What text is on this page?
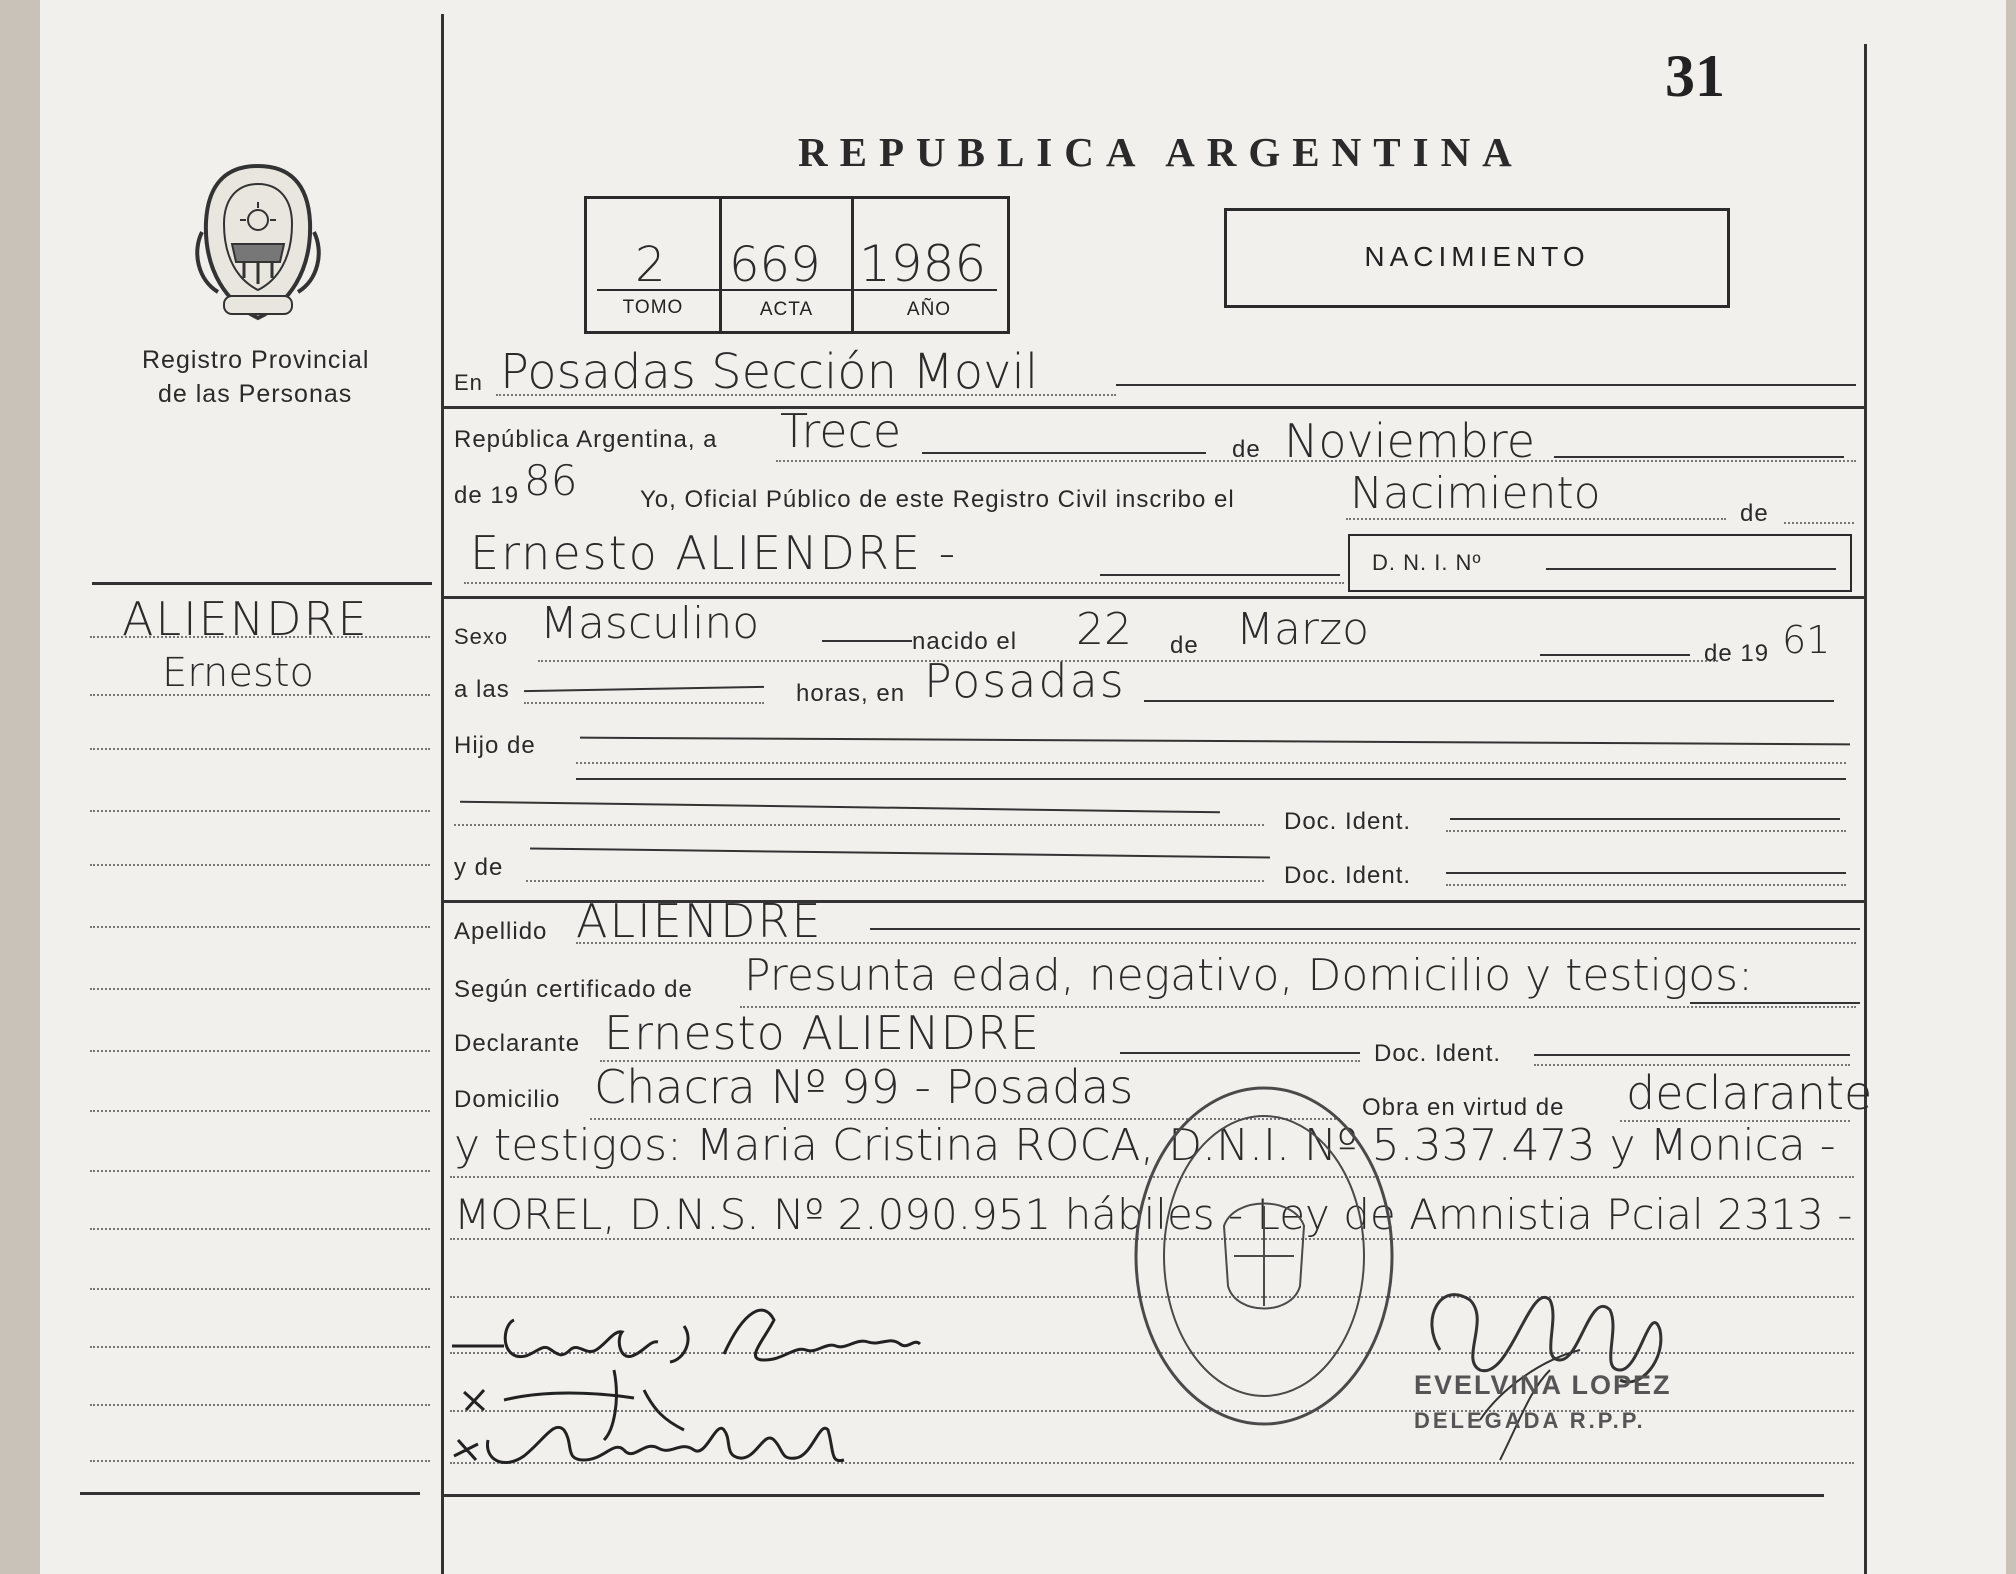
31
REPUBLICA ARGENTINA
Registro Provincial
de las Personas
ALIENDRE
Ernesto
2 669 1986
TOMO	ACTA	AÑO
NACIMIENTO
En Posadas Sección Movil
República Argentina, a Trece	de Noviembre
de 19 86	Yo, Oficial Público de este Registro Civil inscribo el	Nacimiento	de
Ernesto ALIENDRE -	D. N. I. Nº
Sexo Masculino	nacido el 22 de Marzo	de 19 61
a las	horas, en Posadas
Hijo de
Doc. Ident.
y de	Doc. Ident.
Apellido ALIENDRE
Según certificado de Presunta edad, negativo, Domicilio y testigos:
Declarante Ernesto ALIENDRE	Doc. Ident.
Domicilio Chacra Nº 99 - Posadas	Obra en virtud de declarante
y testigos: Maria Cristina ROCA, D.N.I. Nº 5.337.473 y Monica -
MOREL, D.N.S. Nº 2.090.951 hábiles - Ley de Amnistia Pcial 2313 -
EVELVINA LOPEZ
DELEGADA R.P.P.
